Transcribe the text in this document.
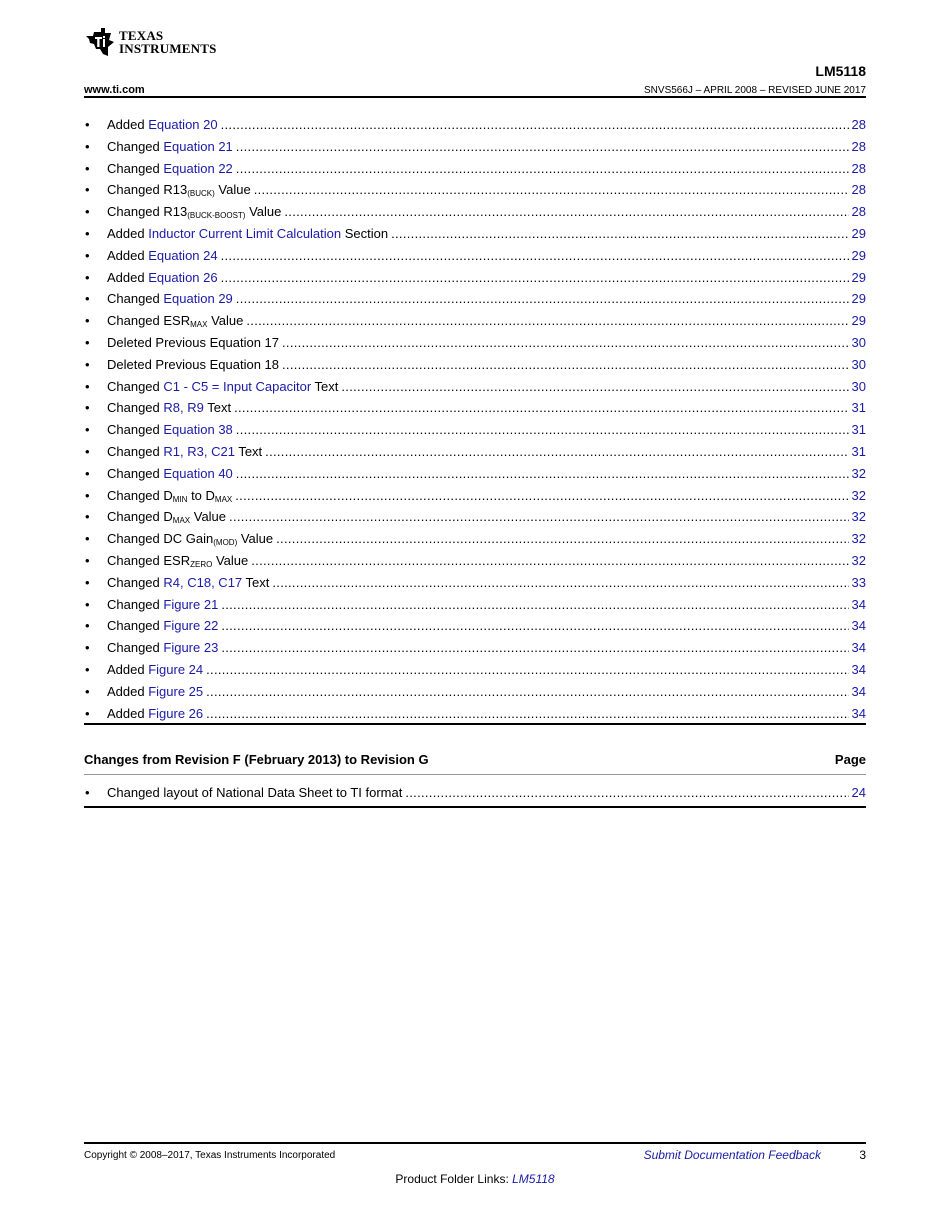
TEXAS
INSTRUMENTS
LM5118
www.ti.com	SNVS566J – APRIL 2008 – REVISED JUNE 2017
•	Added Equation 20 .....	28
•	Changed Equation 21 .....	28
•	Changed Equation 22 .....	28
•	Changed $R13_{(BUCK)}$ Value .....	28
•	Changed $R13_{(BUCK-BOOST)}$ Value .....	28
•	Added Inductor Current Limit Calculation Section .....	29
•	Added Equation 24 .....	29
•	Added Equation 26 .....	29
•	Changed Equation 29 .....	29
•	Changed $ESR_{MAX}$ Value .....	29
•	Deleted Previous Equation 17 .....	30
•	Deleted Previous Equation 18 .....	30
•	Changed C1 - C5 = Input Capacitor Text .....	30
•	Changed R8, R9 Text .....	31
•	Changed Equation 38 .....	31
•	Changed R1, R3, C21 Text .....	31
•	Changed Equation 40 .....	32
•	Changed $D_{MIN}$ to $D_{MAX}$ .....	32
•	Changed $D_{MAX}$ Value .....	32
•	Changed DC Gain$_{(MOD)}$ Value .....	32
•	Changed $ESR_{ZERO}$ Value .....	32
•	Changed R4, C18, C17 Text .....	33
•	Changed Figure 21 .....	34
•	Changed Figure 22 .....	34
•	Changed Figure 23 .....	34
•	Added Figure 24 .....	34
•	Added Figure 25 .....	34
•	Added Figure 26 .....	34
Changes from Revision F (February 2013) to Revision G	Page
•	Changed layout of National Data Sheet to TI format .....	24
Copyright © 2008–2017, Texas Instruments Incorporated	Submit Documentation Feedback	3
Product Folder Links: LM5118
